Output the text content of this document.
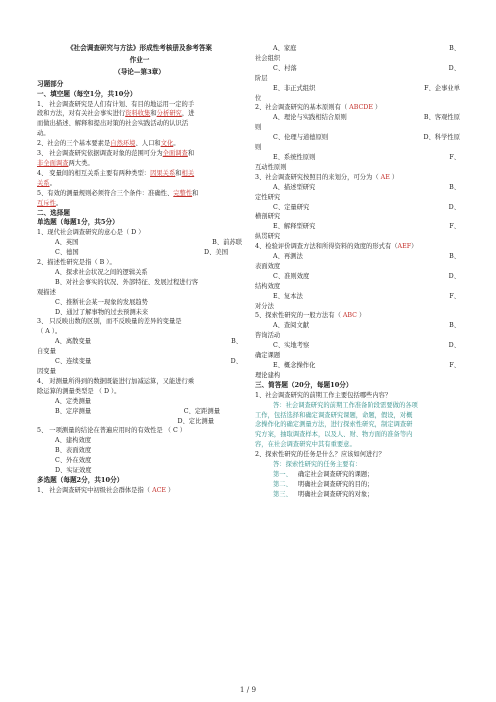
《社会调查研究与方法》形成性考核册及参考答案

作业一

（导论—第3章）

习题部分

一、填空题（每空1分，共10分）

1、 社会调查研究是人们有计划、有目的地运用一定的手

段和方法，对有关社会事实进行资料收集和分析研究，进

而做出描述、解释和提出对策的社会实践活动的认识活

动。

2、社会的三个基本要素是自然环境、人口和文化。

3、 社会调查研究依据调查对象的范围可分为全面调查和

非全面调查两大类。

4、 变量间的相互关系主要有两种类型：因果关系和相关

关系。

5、有效的测量规则必须符合三个条件：准确性、完整性和

互斥性。

二、选择题

单选题（每题1分，共5分）

1、现代社会调查研究的意心是（ D ）

A、英国	B、前苏联
C、德国	D、美国

2、描述性研究是指（ B ）。

A、探求社会状况之间的逻辑关系

B、对社会事实的状况、外部特征、发展过程进行客

观描述

C、推断社会某一现象的发展趋势

D、通过了解事物的过去预测未来

3、 只反映出数的区别，而不反映量的差异的变量是

（ A ）。

A、离散变量	B、

自变量

C、连续变量	D、

因变量

4、 对测量所得到的数据既能进行加减运算，又能进行乘

除运算的测量类型是 （ D ）。

A、定类测量

B、定序测量	C、定距测量
D、定比测量

5、 一项测量的结论在普遍应用时的有效性是 （ C ）

A、建构效度

B、表面效度

C、外在效度

D、实证效度

多选题（每题2分，共10分）

1、 社会调查研究中初级社会群体是指（ ACE ）

A、家庭	B、

社会组织

C、村落	D、

阶层

E、非正式组织	F、企事业单

位

2、社会调查研究的基本原则有（ ABCDE ）

A、理论与实践相结合原则	B、客观性原

则

C、伦理与道德原则	D、科学性原

则

E、系统性原则	F、

互动性原则

3、社会调查研究按照目的来划分，可分为（ AE ）

A、描述型研究	B、

定性研究

C、定量研究	D、

横剖研究

E、解释型研究	F、

纵贯研究

4、检验评价调查方法和所得资料的效度的形式有（AEF）

A、再测法	B、

表面效度

C、准则效度	D、

结构效度

E、复本法	F、

对分法

5、探索性研究的一般方法有（ ABC ）

A、查阅文献	B、

咨询活动

C、实地考察	D、

确定课题

E、概念操作化	F、

理论建构

三、简答题（20分，每题10分）

1、社会调查研究的前期工作主要包括哪些内容？

答：社会调查研究的前期工作准备阶段需要做的各项

工作，包括选择和确定调查研究课题，命题，假设，对概

念操作化的确定测量方法，进行探索性研究，制定调查研

究方案，抽取调查样本，以及人、财、物方面的准备等内

容，在社会调查研究中其有重要意。

2、探索性研究的任务是什么？应该如何进行？

答：探索性研究的任务主要有：

第一、 确定社会调查研究的课题；

第二、 明确社会调查研究的目的；

第三、 明确社会调查研究的对象；

1 / 9
